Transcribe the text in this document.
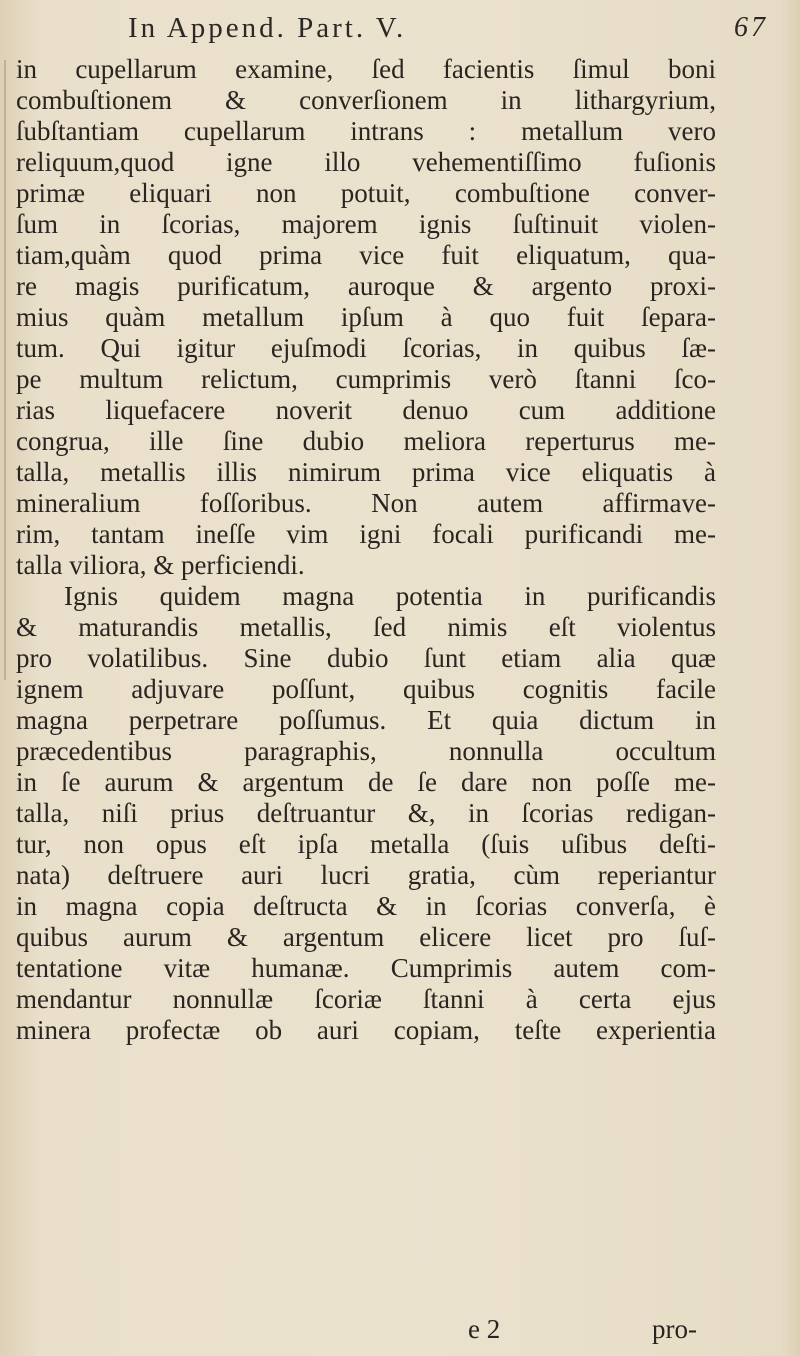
In Append. Part. V.	67
in cupellarum examine, ſed facientis ſimul boni
combuſtionem & converſionem in lithargyrium,
ſubſtantiam cupellarum intrans : metallum vero
reliquum,quod igne illo vehementiſſimo fuſionis
primæ eliquari non potuit, combuſtione conver-
ſum in ſcorias, majorem ignis ſuſtinuit violen-
tiam,quàm quod prima vice fuit eliquatum, qua-
re magis purificatum, auroque & argento proxi-
mius quàm metallum ipſum à quo fuit ſepara-
tum. Qui igitur ejuſmodi ſcorias, in quibus ſæ-
pe multum relictum, cumprimis verò ſtanni ſco-
rias liquefacere noverit denuo cum additione
congrua, ille ſine dubio meliora reperturus me-
talla, metallis illis nimirum prima vice eliquatis à
mineralium foſſoribus. Non autem affirmave-
rim, tantam ineſſe vim igni focali purificandi me-
talla viliora, & perficiendi.
Ignis quidem magna potentia in purificandis
& maturandis metallis, ſed nimis eſt violentus
pro volatilibus. Sine dubio ſunt etiam alia quæ
ignem adjuvare poſſunt, quibus cognitis facile
magna perpetrare poſſumus. Et quia dictum in
præcedentibus paragraphis, nonnulla occultum
in ſe aurum & argentum de ſe dare non poſſe me-
talla, niſi prius deſtruantur &, in ſcorias redigan-
tur, non opus eſt ipſa metalla (ſuis uſibus deſti-
nata) deſtruere auri lucri gratia, cùm reperiantur
in magna copia deſtructa & in ſcorias converſa, è
quibus aurum & argentum elicere licet pro ſuſ-
tentatione vitæ humanæ. Cumprimis autem com-
mendantur nonnullæ ſcoriæ ſtanni à certa ejus
minera profectæ ob auri copiam, teſte experientia
e 2	pro-
